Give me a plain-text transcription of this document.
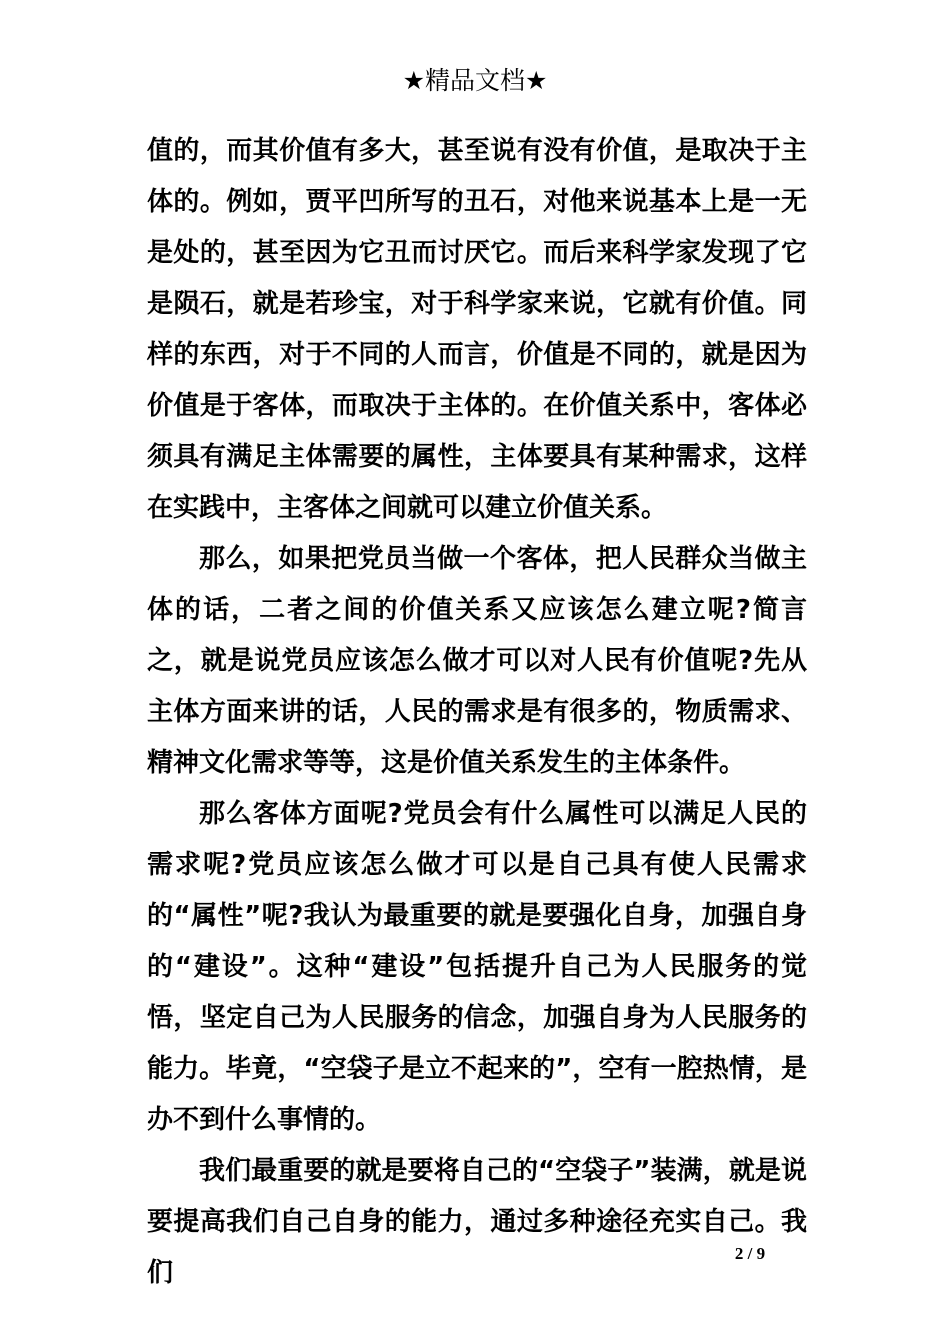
★精品文档★

值的，而其价值有多大，甚至说有没有价值，是取决于主体的。例如，贾平凹所写的丑石，对他来说基本上是一无是处的，甚至因为它丑而讨厌它。而后来科学家发现了它是陨石，就是若珍宝，对于科学家来说，它就有价值。同样的东西，对于不同的人而言，价值是不同的，就是因为价值是于客体，而取决于主体的。在价值关系中，客体必须具有满足主体需要的属性，主体要具有某种需求，这样在实践中，主客体之间就可以建立价值关系。

那么，如果把党员当做一个客体，把人民群众当做主体的话，二者之间的价值关系又应该怎么建立呢?简言之，就是说党员应该怎么做才可以对人民有价值呢?先从主体方面来讲的话，人民的需求是有很多的，物质需求、精神文化需求等等，这是价值关系发生的主体条件。

那么客体方面呢?党员会有什么属性可以满足人民的需求呢?党员应该怎么做才可以是自己具有使人民需求的“属性”呢?我认为最重要的就是要强化自身，加强自身的“建设”。这种“建设”包括提升自己为人民服务的觉悟，坚定自己为人民服务的信念，加强自身为人民服务的能力。毕竟，“空袋子是立不起来的”，空有一腔热情，是办不到什么事情的。

我们最重要的就是要将自己的“空袋子”装满，就是说要提高我们自己自身的能力，通过多种途径充实自己。我们

2 / 9
